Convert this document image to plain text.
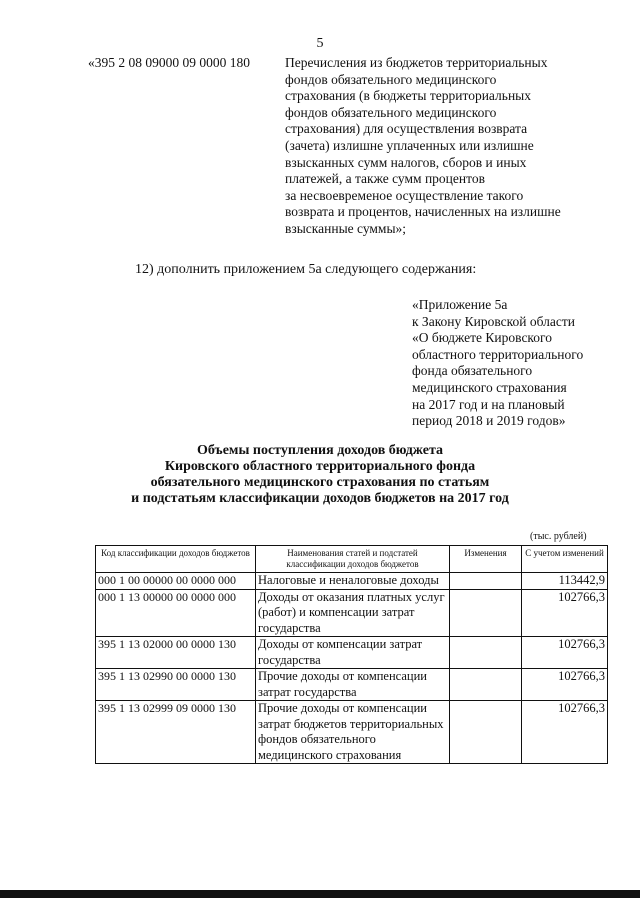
5
«395 2 08 09000 09 0000 180	Перечисления из бюджетов территориальных
фондов обязательного медицинского
страхования (в бюджеты территориальных
фондов обязательного медицинского
страхования) для осуществления возврата
(зачета) излишне уплаченных или излишне
взысканных сумм налогов, сборов и иных
платежей, а также сумм процентов
за несвоевременое осуществление такого
возврата и процентов, начисленных на излишне
взысканные суммы»;
12) дополнить приложением 5а следующего содержания:
«Приложение 5а
к Закону Кировской области
«О бюджете Кировского
областного территориального
фонда обязательного
медицинского страхования
на 2017 год и на плановый
период 2018 и 2019 годов»
Объемы поступления доходов бюджета
Кировского областного территориального фонда
обязательного медицинского страхования по статьям
и подстатьям классификации доходов бюджетов на 2017 год
(тыс. рублей)
Код классификации доходов бюджетов	Наименования статей и подстатей классификации доходов бюджетов	Изменения	С учетом изменений
000 1 00 00000 00 0000 000	Налоговые и неналоговые доходы		113442,9
000 1 13 00000 00 0000 000	Доходы от оказания платных услуг (работ) и компенсации затрат государства		102766,3
395 1 13 02000 00 0000 130	Доходы от компенсации затрат государства		102766,3
395 1 13 02990 00 0000 130	Прочие доходы от компенсации затрат государства		102766,3
395 1 13 02999 09 0000 130	Прочие доходы от компенсации затрат бюджетов территориальных фондов обязательного медицинского страхования		102766,3
